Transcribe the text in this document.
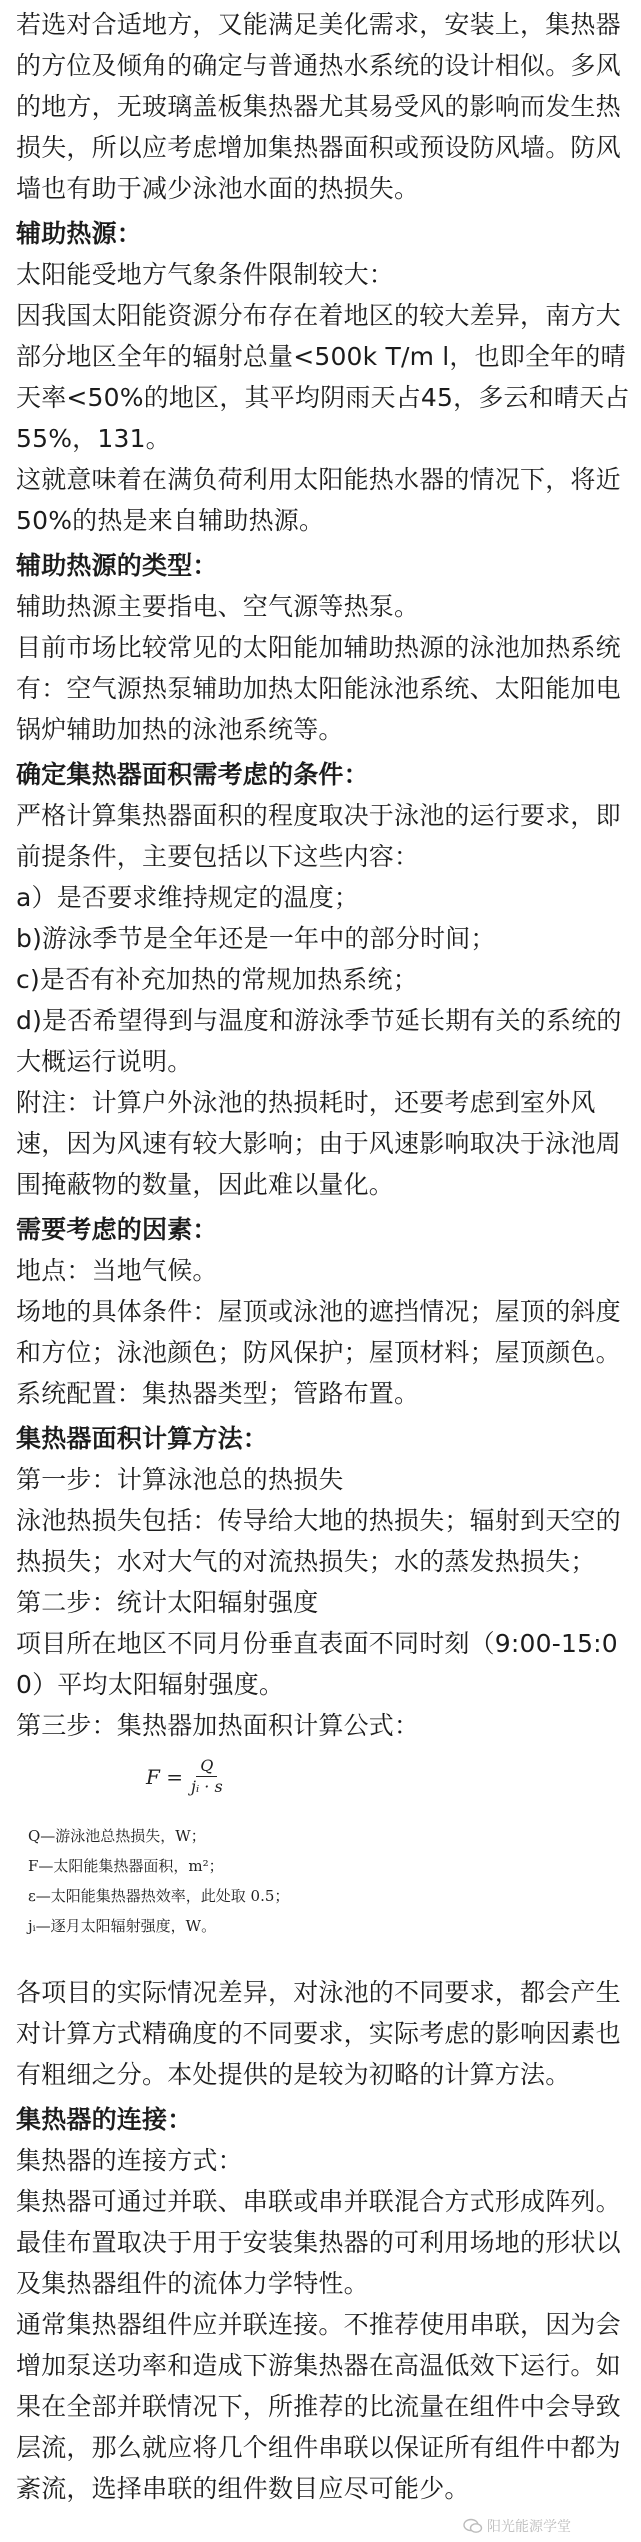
若选对合适地方，又能满足美化需求，安装上，集热器的方位及倾角的确定与普通热水系统的设计相似。多风的地方，无玻璃盖板集热器尤其易受风的影响而发生热损失，所以应考虑增加集热器面积或预设防风墙。防风墙也有助于减少泳池水面的热损失。

辅助热源：

太阳能受地方气象条件限制较大：

因我国太阳能资源分布存在着地区的较大差异，南方大部分地区全年的辐射总量<500k T/m l，也即全年的晴天率<50%的地区，其平均阴雨天占45，多云和晴天占55%，131。

这就意味着在满负荷利用太阳能热水器的情况下，将近50%的热是来自辅助热源。

辅助热源的类型：

辅助热源主要指电、空气源等热泵。

目前市场比较常见的太阳能加辅助热源的泳池加热系统有：空气源热泵辅助加热太阳能泳池系统、太阳能加电锅炉辅助加热的泳池系统等。

确定集热器面积需考虑的条件：

严格计算集热器面积的程度取决于泳池的运行要求，即前提条件，主要包括以下这些内容：

a）是否要求维持规定的温度；

b)游泳季节是全年还是一年中的部分时间；

c)是否有补充加热的常规加热系统；

d)是否希望得到与温度和游泳季节延长期有关的系统的大概运行说明。

附注：计算户外泳池的热损耗时，还要考虑到室外风速，因为风速有较大影响；由于风速影响取决于泳池周围掩蔽物的数量，因此难以量化。

需要考虑的因素：

地点：当地气候。

场地的具体条件：屋顶或泳池的遮挡情况；屋顶的斜度和方位；泳池颜色；防风保护；屋顶材料；屋顶颜色。

系统配置：集热器类型；管路布置。

集热器面积计算方法：

第一步：计算泳池总的热损失

泳池热损失包括：传导给大地的热损失；辐射到天空的热损失；水对大气的对流热损失；水的蒸发热损失；

第二步：统计太阳辐射强度

项目所在地区不同月份垂直表面不同时刻（9:00-15:00）平均太阳辐射强度。

第三步：集热器加热面积计算公式：

$F = \frac{Q}{\text{jᵢ · s}}$
Q—游泳池总热损失，W；
F—太阳能集热器面积，m²；
ε—太阳能集热器热效率，此处取 0.5；
jᵢ—逐月太阳辐射强度，W。

各项目的实际情况差异，对泳池的不同要求，都会产生对计算方式精确度的不同要求，实际考虑的影响因素也有粗细之分。本处提供的是较为初略的计算方法。

集热器的连接：

集热器的连接方式：

集热器可通过并联、串联或串并联混合方式形成阵列。最佳布置取决于用于安装集热器的可利用场地的形状以及集热器组件的流体力学特性。

通常集热器组件应并联连接。不推荐使用串联，因为会增加泵送功率和造成下游集热器在高温低效下运行。如果在全部并联情况下，所推荐的比流量在组件中会导致层流，那么就应将几个组件串联以保证所有组件中都为紊流，选择串联的组件数目应尽可能少。

阳光能源学堂
